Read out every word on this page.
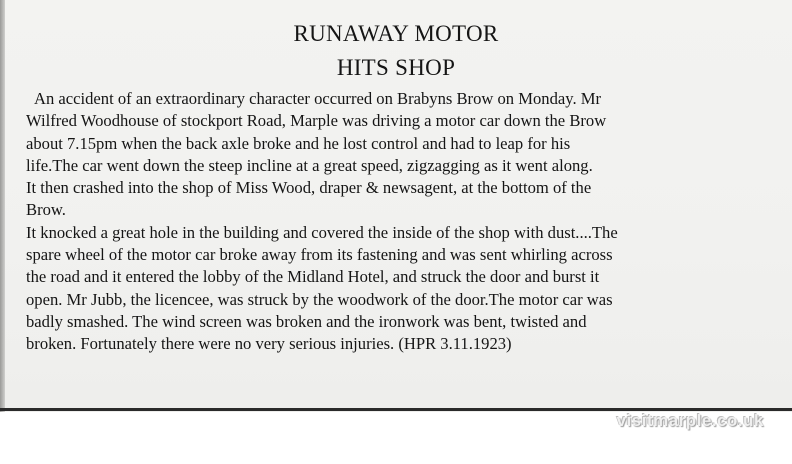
RUNAWAY MOTOR
HITS SHOP
An accident of an extraordinary character occurred on Brabyns Brow on Monday. Mr
Wilfred Woodhouse of stockport Road, Marple was driving a motor car down the Brow
about 7.15pm when the back axle broke and he lost control and had to leap for his
life.The car went down the steep incline at a great speed, zigzagging as it went along.
It then crashed into the shop of Miss Wood, draper & newsagent, at the bottom of the
Brow.
It knocked a great hole in the building and covered the inside of the shop with dust....The
spare wheel of the motor car broke away from its fastening and was sent whirling across
the road and it entered the lobby of the Midland Hotel, and struck the door and burst it
open. Mr Jubb, the licencee, was struck by the woodwork of the door.The motor car was
badly smashed. The wind screen was broken and the ironwork was bent, twisted and
broken. Fortunately there were no very serious injuries. (HPR 3.11.1923)
visitmarple.co.uk
